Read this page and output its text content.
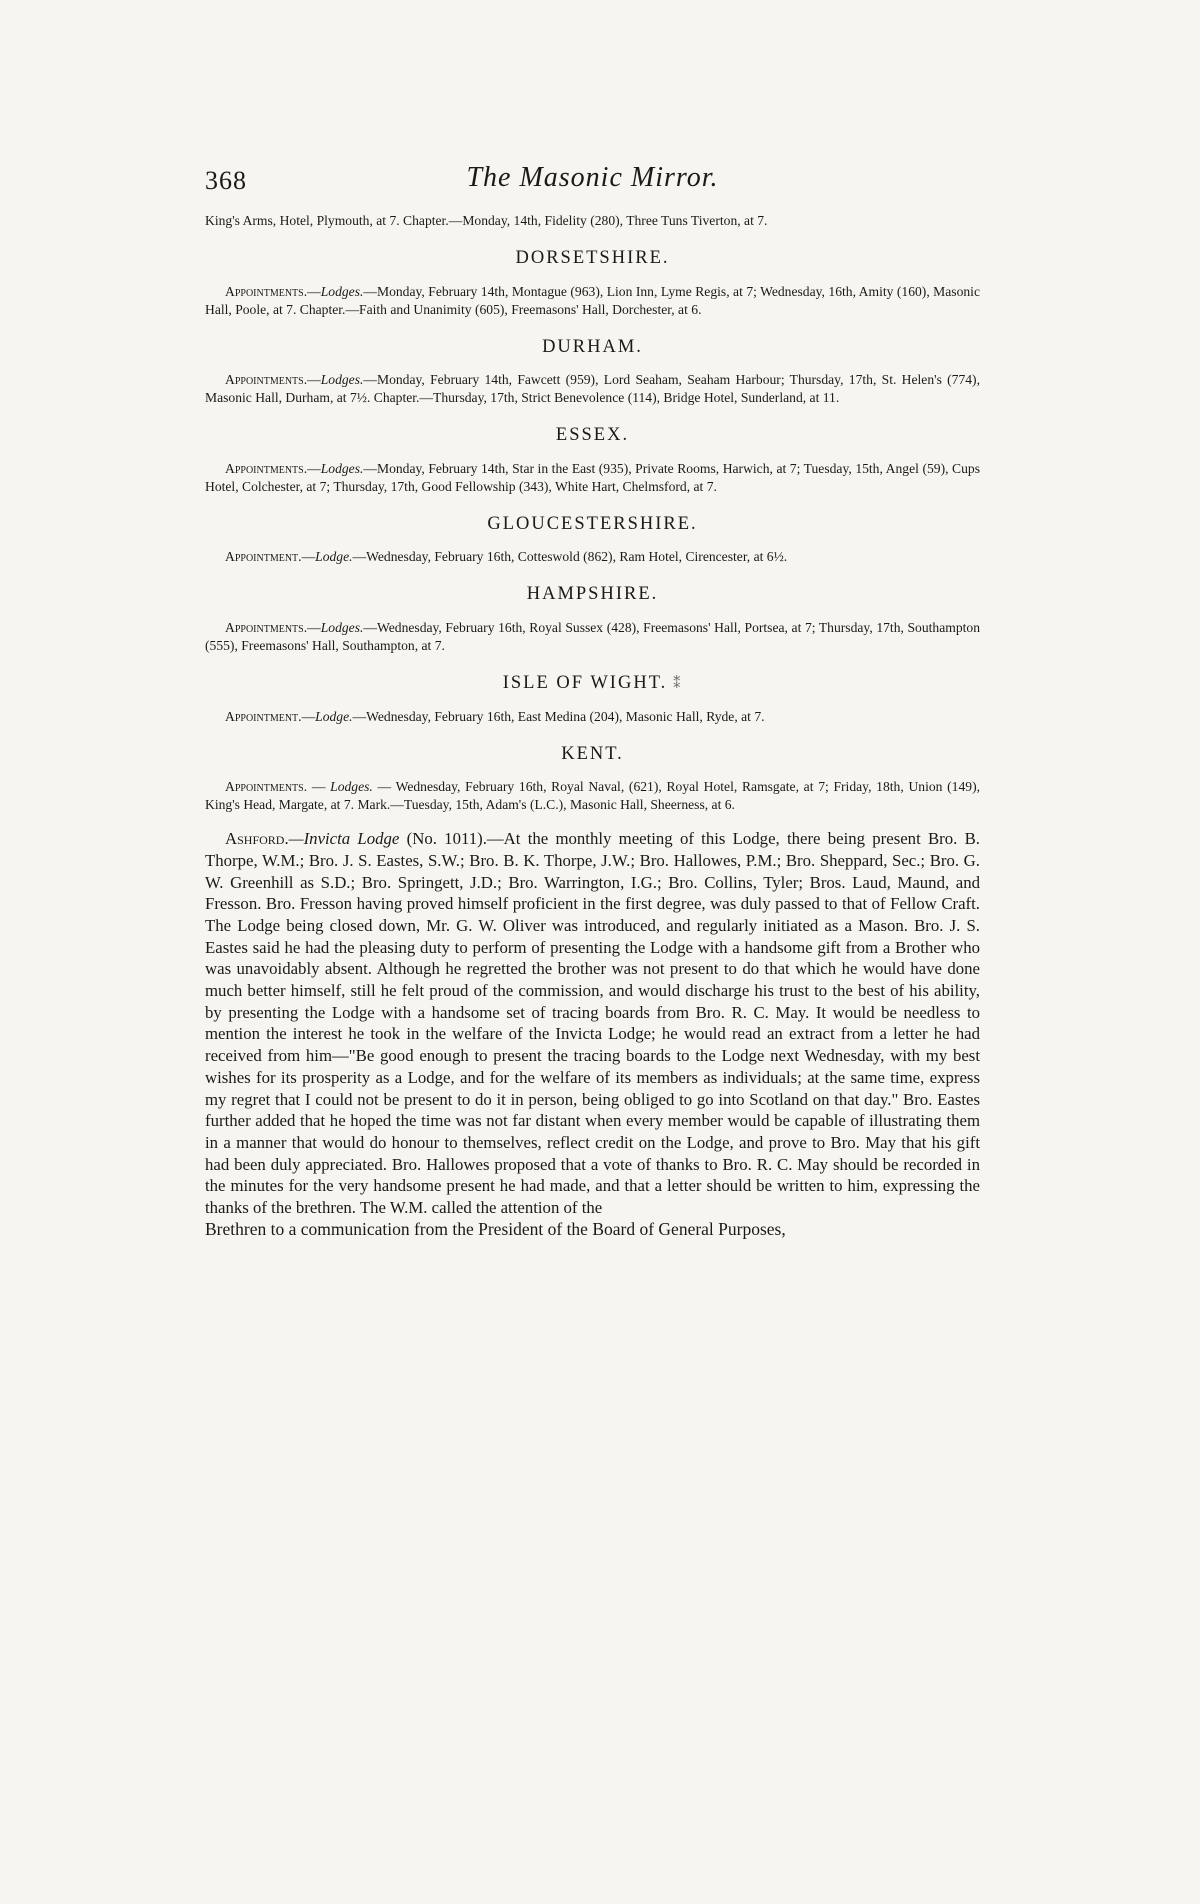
368	The Masonic Mirror.

King's Arms, Hotel, Plymouth, at 7. Chapter.—Monday, 14th, Fidelity (280), Three Tuns Tiverton, at 7.

DORSETSHIRE.

Appointments.—Lodges.—Monday, February 14th, Montague (963), Lion Inn, Lyme Regis, at 7; Wednesday, 16th, Amity (160), Masonic Hall, Poole, at 7. Chapter.—Faith and Unanimity (605), Freemasons' Hall, Dorchester, at 6.

DURHAM.

Appointments.—Lodges.—Monday, February 14th, Fawcett (959), Lord Seaham, Seaham Harbour; Thursday, 17th, St. Helen's (774), Masonic Hall, Durham, at 7½. Chapter.—Thursday, 17th, Strict Benevolence (114), Bridge Hotel, Sunderland, at 11.

ESSEX.

Appointments.—Lodges.—Monday, February 14th, Star in the East (935), Private Rooms, Harwich, at 7; Tuesday, 15th, Angel (59), Cups Hotel, Colchester, at 7; Thursday, 17th, Good Fellowship (343), White Hart, Chelmsford, at 7.

GLOUCESTERSHIRE.

Appointment.—Lodge.—Wednesday, February 16th, Cotteswold (862), Ram Hotel, Cirencester, at 6½.

HAMPSHIRE.

Appointments.—Lodges.—Wednesday, February 16th, Royal Sussex (428), Freemasons' Hall, Portsea, at 7; Thursday, 17th, Southampton (555), Freemasons' Hall, Southampton, at 7.

ISLE OF WIGHT. ⁑

Appointment.—Lodge.—Wednesday, February 16th, East Medina (204), Masonic Hall, Ryde, at 7.

KENT.

Appointments. — Lodges. — Wednesday, February 16th, Royal Naval, (621), Royal Hotel, Ramsgate, at 7; Friday, 18th, Union (149), King's Head, Margate, at 7. Mark.—Tuesday, 15th, Adam's (L.C.), Masonic Hall, Sheerness, at 6.

Ashford.—Invicta Lodge (No. 1011).—At the monthly meeting of this Lodge, there being present Bro. B. Thorpe, W.M.; Bro. J. S. Eastes, S.W.; Bro. B. K. Thorpe, J.W.; Bro. Hallowes, P.M.; Bro. Sheppard, Sec.; Bro. G. W. Greenhill as S.D.; Bro. Springett, J.D.; Bro. Warrington, I.G.; Bro. Collins, Tyler; Bros. Laud, Maund, and Fresson. Bro. Fresson having proved himself proficient in the first degree, was duly passed to that of Fellow Craft. The Lodge being closed down, Mr. G. W. Oliver was introduced, and regularly initiated as a Mason. Bro. J. S. Eastes said he had the pleasing duty to perform of presenting the Lodge with a handsome gift from a Brother who was unavoidably absent. Although he regretted the brother was not present to do that which he would have done much better himself, still he felt proud of the commission, and would discharge his trust to the best of his ability, by presenting the Lodge with a handsome set of tracing boards from Bro. R. C. May. It would be needless to mention the interest he took in the welfare of the Invicta Lodge; he would read an extract from a letter he had received from him—"Be good enough to present the tracing boards to the Lodge next Wednesday, with my best wishes for its prosperity as a Lodge, and for the welfare of its members as individuals; at the same time, express my regret that I could not be present to do it in person, being obliged to go into Scotland on that day." Bro. Eastes further added that he hoped the time was not far distant when every member would be capable of illustrating them in a manner that would do honour to themselves, reflect credit on the Lodge, and prove to Bro. May that his gift had been duly appreciated. Bro. Hallowes proposed that a vote of thanks to Bro. R. C. May should be recorded in the minutes for the very handsome present he had made, and that a letter should be written to him, expressing the thanks of the brethren. The W.M. called the attention of the
Brethren to a communication from the President of the Board of General Purposes,
